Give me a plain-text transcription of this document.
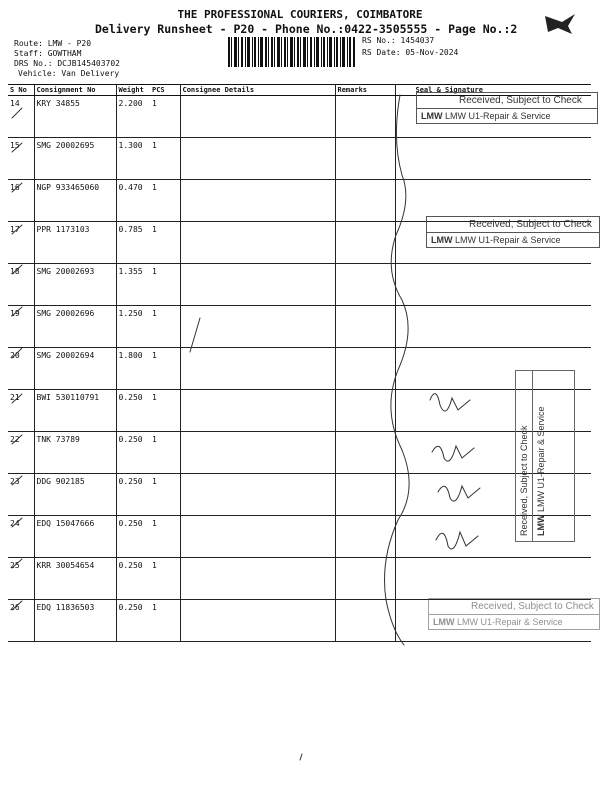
THE PROFESSIONAL COURIERS, COIMBATORE
Delivery Runsheet - P20 - Phone No.:0422-3505555 - Page No.:2
Route: LMW - P20
Staff: GOWTHAM
DRS No.: DCJB145403702
Vehicle: Van Delivery
RS No.: 1454037
RS Date: 05-Nov-2024
S No	Consignment No	Weight	PCS	Consignee Details	Remarks	Seal & Signature
14	KRY 34855	2.200	1			
15	SMG 20002695	1.300	1			
16	NGP 933465060	0.470	1			
17	PPR 1173103	0.785	1			
18	SMG 20002693	1.355	1			
19	SMG 20002696	1.250	1			
20	SMG 20002694	1.800	1			
21	BWI 530110791	0.250	1			
22	TNK 73789	0.250	1			
23	DDG 902185	0.250	1			
24	EDQ 15047666	0.250	1			
25	KRR 30054654	0.250	1			
26	EDQ 11836503	0.250	1			
Received, Subject to Check
LMW LMW U1-Repair & Service
Received, Subject to Check
LMW LMW U1-Repair & Service
Received, Subject to Check
LMW LMW U1-Repair & Service
Received, Subject to Check LMW LMW U1-Repair & Service
